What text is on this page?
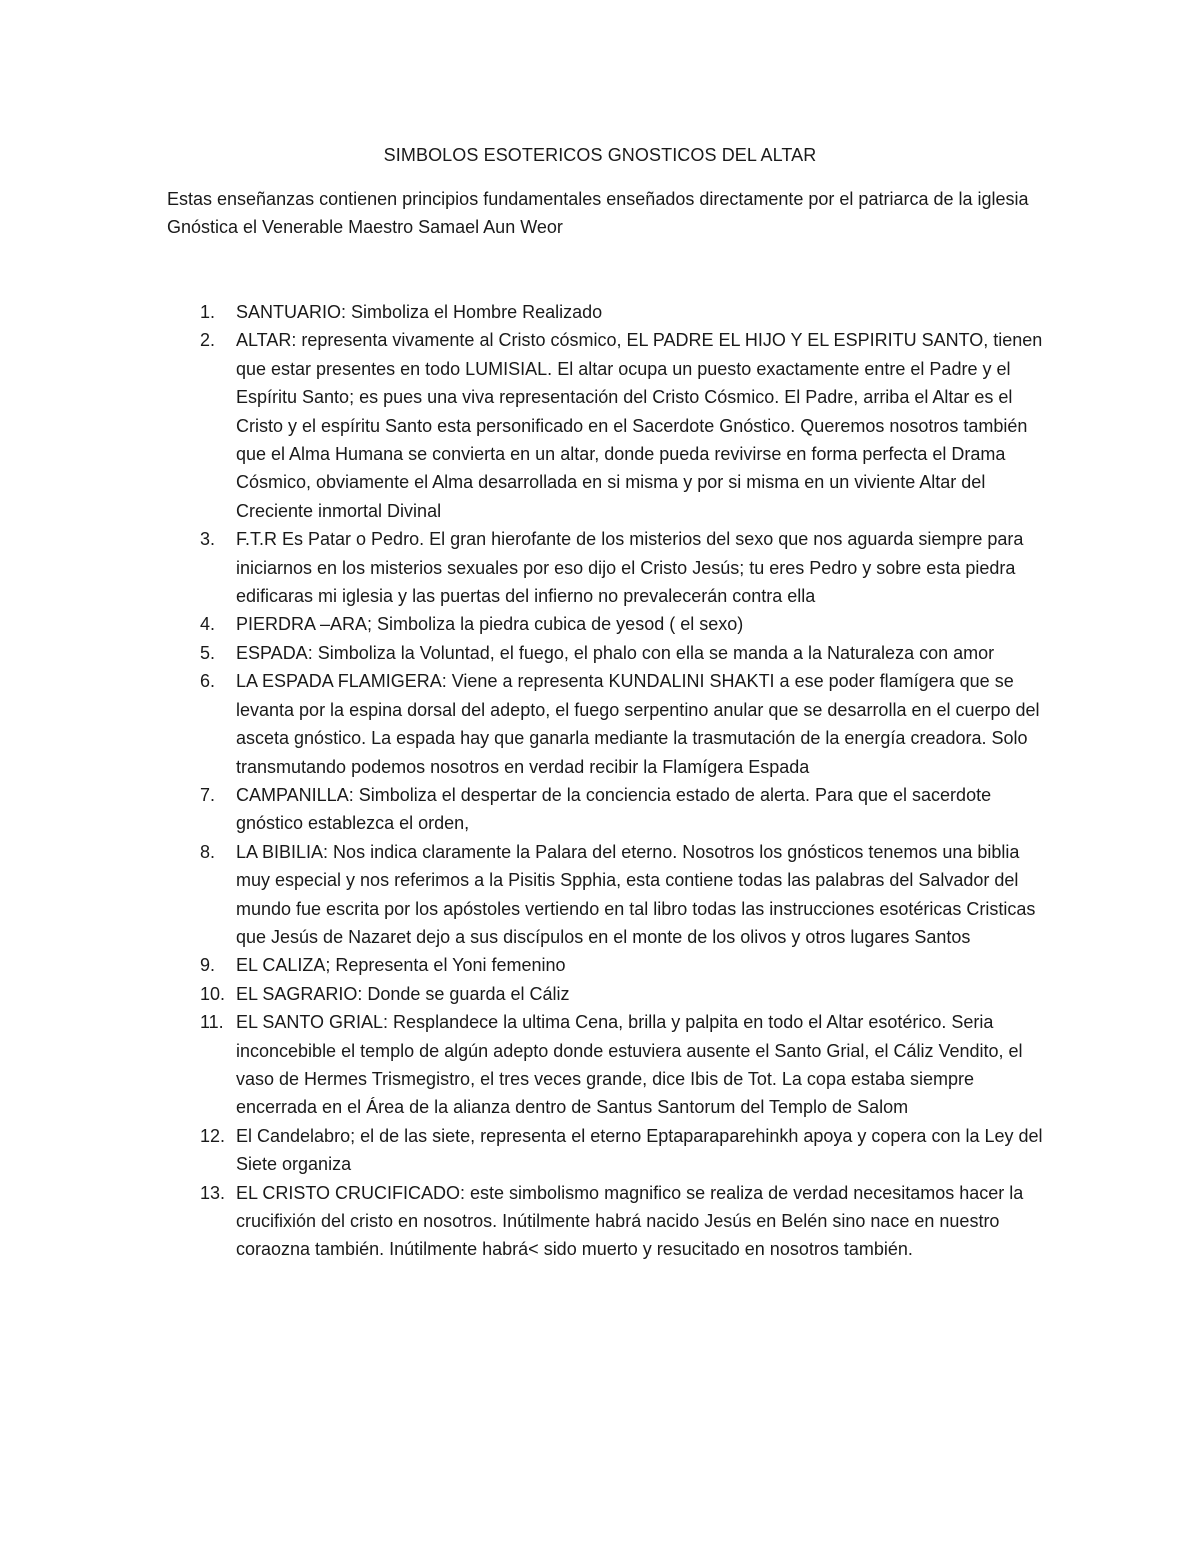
SIMBOLOS ESOTERICOS GNOSTICOS DEL ALTAR

Estas enseñanzas contienen principios fundamentales enseñados directamente por el patriarca de la iglesia Gnóstica el Venerable Maestro Samael Aun Weor

1. SANTUARIO: Simboliza el Hombre Realizado
2. ALTAR: representa vivamente al Cristo cósmico, EL PADRE EL HIJO Y EL ESPIRITU SANTO, tienen que estar presentes en todo LUMISIAL. El altar ocupa un puesto exactamente entre el Padre y el Espíritu Santo; es pues una viva representación del Cristo Cósmico. El Padre, arriba el Altar es el Cristo y el espíritu Santo esta personificado en el Sacerdote Gnóstico. Queremos nosotros también que el Alma Humana se convierta en un altar, donde pueda revivirse en forma perfecta el Drama Cósmico, obviamente el Alma desarrollada en si misma y por si misma en un viviente Altar del Creciente inmortal Divinal
3. F.T.R Es Patar o Pedro. El gran hierofante de los misterios del sexo que nos aguarda siempre para iniciarnos en los misterios sexuales por eso dijo el Cristo Jesús; tu eres Pedro y sobre esta piedra edificaras mi iglesia y las puertas del infierno no prevalecerán contra ella
4. PIERDRA –ARA; Simboliza la piedra cubica de yesod ( el sexo)
5. ESPADA: Simboliza la Voluntad, el fuego, el phalo con ella se manda a la Naturaleza con amor
6. LA ESPADA FLAMIGERA: Viene a representa KUNDALINI SHAKTI a ese poder flamígera que se levanta por la espina dorsal del adepto, el fuego serpentino anular que se desarrolla en el cuerpo del asceta gnóstico. La espada hay que ganarla mediante la trasmutación de la energía creadora. Solo transmutando podemos nosotros en verdad recibir la Flamígera Espada
7. CAMPANILLA: Simboliza el despertar de la conciencia estado de alerta. Para que el sacerdote gnóstico establezca el orden,
8. LA BIBILIA: Nos indica claramente la Palara del eterno. Nosotros los gnósticos tenemos una biblia muy especial y nos referimos a la Pisitis Spphia, esta contiene todas las palabras del Salvador del mundo fue escrita por los apóstoles vertiendo en tal libro todas las instrucciones esotéricas Cristicas que Jesús de Nazaret dejo a sus discípulos en el monte de los olivos y otros lugares Santos
9. EL CALIZA; Representa el Yoni femenino
10. EL SAGRARIO: Donde se guarda el Cáliz
11. EL SANTO GRIAL: Resplandece la ultima Cena, brilla y palpita en todo el Altar esotérico. Seria inconcebible el templo de algún adepto donde estuviera ausente el Santo Grial, el Cáliz Vendito, el vaso de Hermes Trismegistro, el tres veces grande, dice Ibis de Tot. La copa estaba siempre encerrada en el Área de la alianza dentro de Santus Santorum del Templo de Salom
12. El Candelabro; el de las siete, representa el eterno Eptaparaparehinkh apoya y copera con la Ley del Siete organiza
13. EL CRISTO CRUCIFICADO: este simbolismo magnifico se realiza de verdad necesitamos hacer la crucifixión del cristo en nosotros. Inútilmente habrá nacido Jesús en Belén sino nace en nuestro coraozna también. Inútilmente habrá< sido muerto y resucitado en nosotros también.
